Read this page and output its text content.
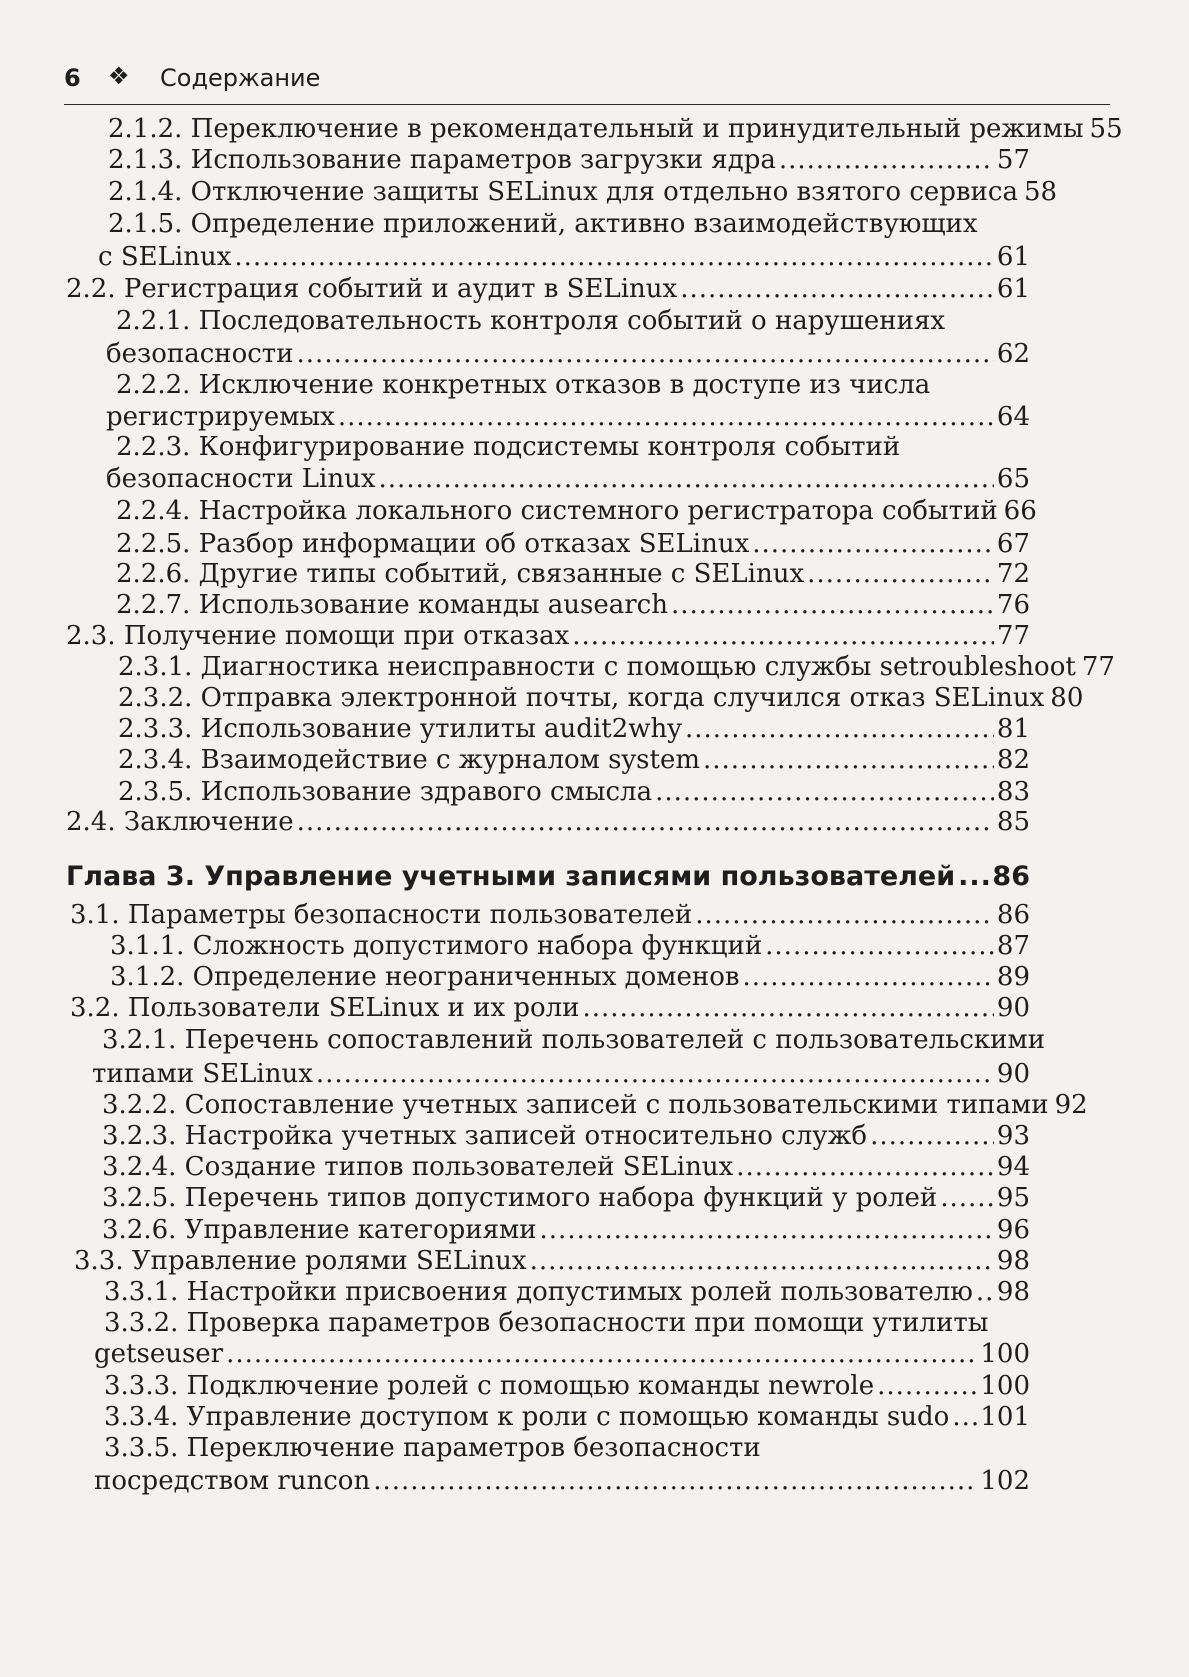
6 ❖ Содержание
2.1.2. Переключение в рекомендательный и принудительный режимы 55
2.1.3. Использование параметров загрузки ядра .....	57
2.1.4. Отключение защиты SELinux для отдельно взятого сервиса 58
2.1.5. Определение приложений, активно взаимодействующих
с SELinux .....	61
2.2. Регистрация событий и аудит в SELinux .....	61
2.2.1. Последовательность контроля событий о нарушениях
безопасности .....	62
2.2.2. Исключение конкретных отказов в доступе из числа
регистрируемых .....	64
2.2.3. Конфигурирование подсистемы контроля событий
безопасности Linux .....	65
2.2.4. Настройка локального системного регистратора событий 66
2.2.5. Разбор информации об отказах SELinux .....	67
2.2.6. Другие типы событий, связанные с SELinux .....	72
2.2.7. Использование команды ausearch .....	76
2.3. Получение помощи при отказах .....	77
2.3.1. Диагностика неисправности с помощью службы setroubleshoot 77
2.3.2. Отправка электронной почты, когда случился отказ SELinux 80
2.3.3. Использование утилиты audit2why .....	81
2.3.4. Взаимодействие с журналом system .....	82
2.3.5. Использование здравого смысла .....	83
2.4. Заключение .....	85
Глава 3. Управление учетными записями пользователей ..... 86
3.1. Параметры безопасности пользователей .....	86
3.1.1. Сложность допустимого набора функций .....	87
3.1.2. Определение неограниченных доменов .....	89
3.2. Пользователи SELinux и их роли .....	90
3.2.1. Перечень сопоставлений пользователей с пользовательскими
типами SELinux .....	90
3.2.2. Сопоставление учетных записей с пользовательскими типами 92
3.2.3. Настройка учетных записей относительно служб .....	93
3.2.4. Создание типов пользователей SELinux .....	94
3.2.5. Перечень типов допустимого набора функций у ролей ..... 95
3.2.6. Управление категориями .....	96
3.3. Управление ролями SELinux .....	98
3.3.1. Настройки присвоения допустимых ролей пользователю ..... 98
3.3.2. Проверка параметров безопасности при помощи утилиты
getseuser .....	100
3.3.3. Подключение ролей с помощью команды newrole .....	100
3.3.4. Управление доступом к роли с помощью команды sudo ..... 101
3.3.5. Переключение параметров безопасности
посредством runcon .....	102
